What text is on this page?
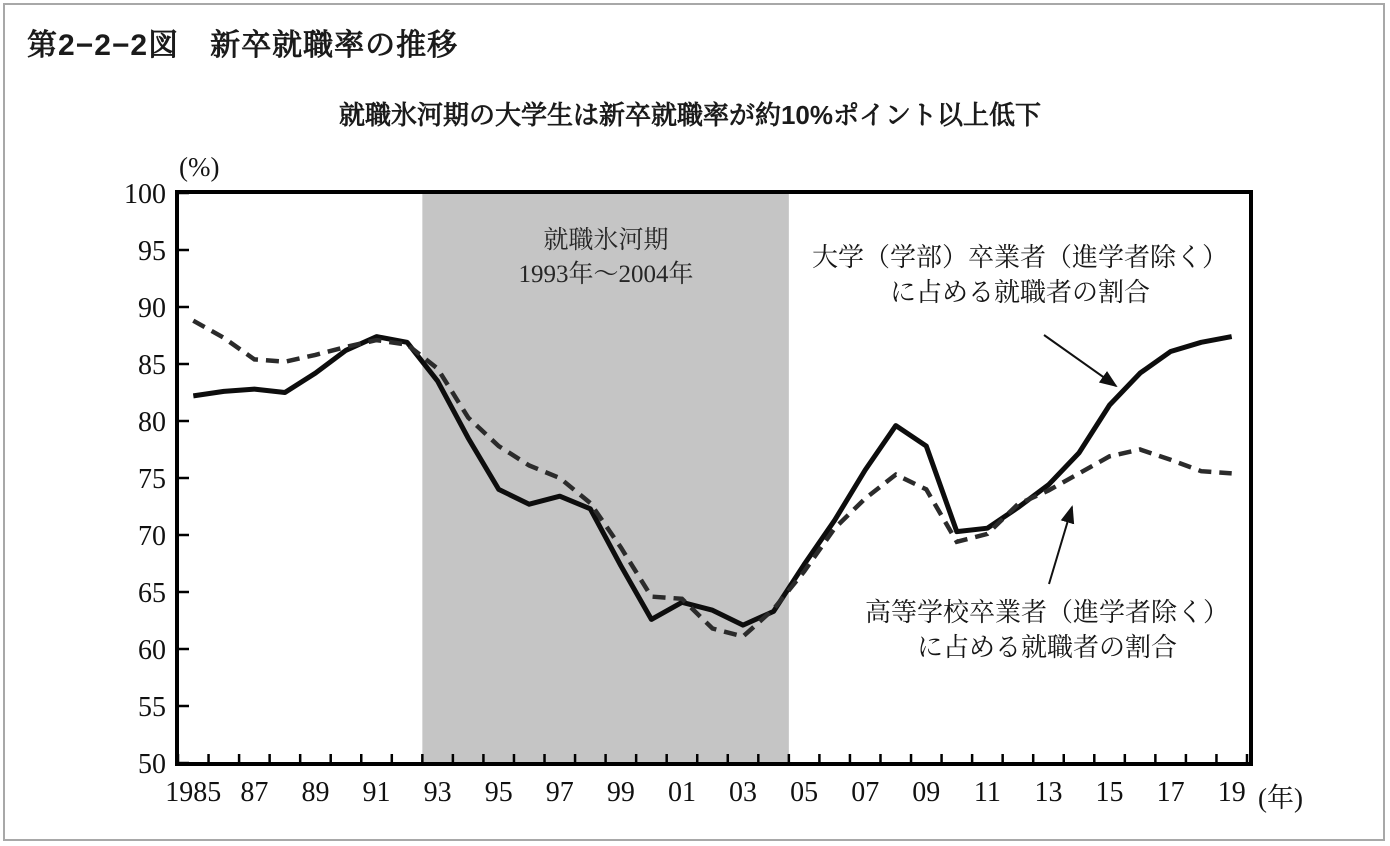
第2−2−2図　新卒就職率の推移
就職氷河期の大学生は新卒就職率が約10%ポイント以上低下
100
95
90
85
80
75
70
65
60
55
50
1985 87 89 91 93 95 97 99 01 03 05 07 09 11 13 15 17 19
(%)
(年)
就職氷河期
1993年〜2004年
大学（学部）卒業者（進学者除く）
に占める就職者の割合
高等学校卒業者（進学者除く）
に占める就職者の割合
